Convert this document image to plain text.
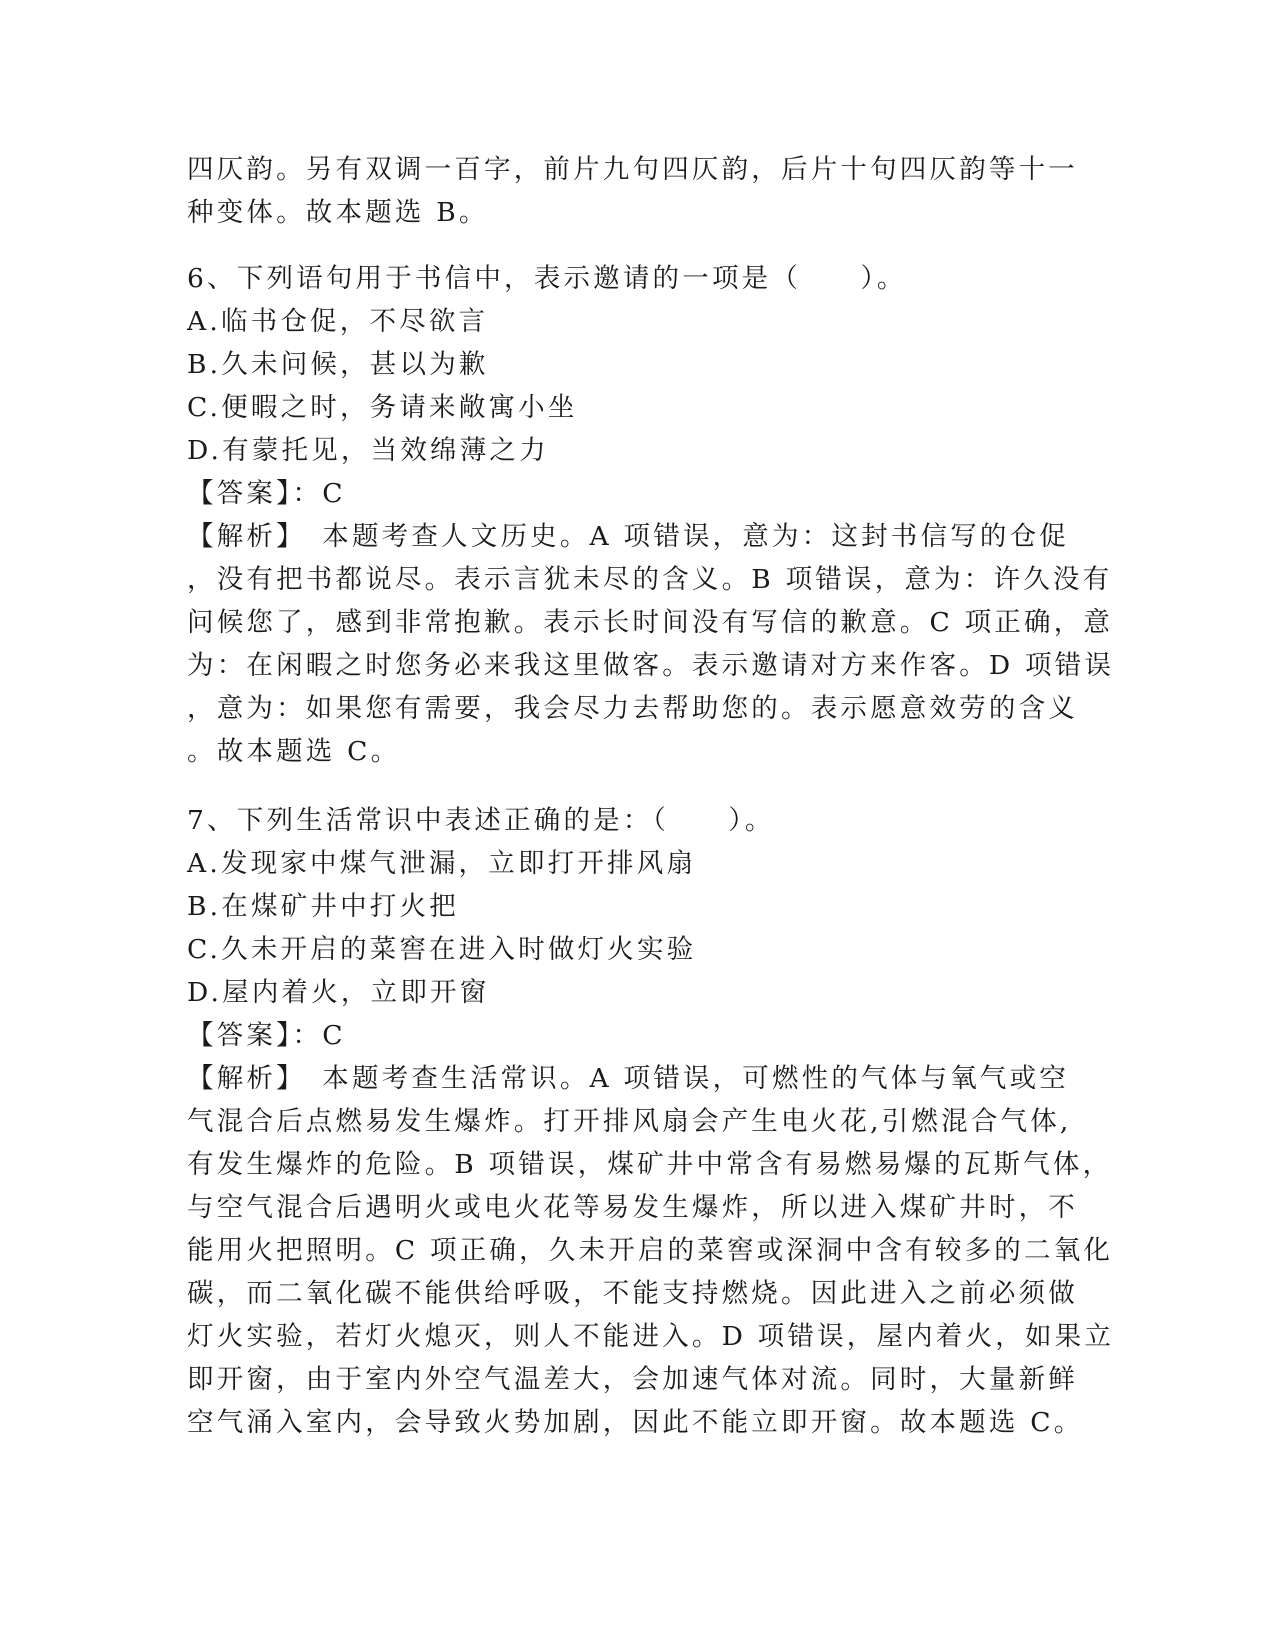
四仄韵。另有双调一百字，前片九句四仄韵，后片十句四仄韵等十一
种变体。故本题选 B。
6、下列语句用于书信中，表示邀请的一项是（　　）。
A.临书仓促，不尽欲言
B.久未问候，甚以为歉
C.便暇之时，务请来敞寓小坐
D.有蒙托见，当效绵薄之力
【答案】：C
【解析】　本题考查人文历史。A 项错误，意为：这封书信写的仓促
，没有把书都说尽。表示言犹未尽的含义。B 项错误，意为：许久没有
问候您了，感到非常抱歉。表示长时间没有写信的歉意。C 项正确，意
为：在闲暇之时您务必来我这里做客。表示邀请对方来作客。D 项错误
，意为：如果您有需要，我会尽力去帮助您的。表示愿意效劳的含义
。故本题选 C。
7、下列生活常识中表述正确的是：（　　）。
A.发现家中煤气泄漏，立即打开排风扇
B.在煤矿井中打火把
C.久未开启的菜窖在进入时做灯火实验
D.屋内着火，立即开窗
【答案】：C
【解析】　本题考查生活常识。A 项错误，可燃性的气体与氧气或空
气混合后点燃易发生爆炸。打开排风扇会产生电火花,引燃混合气体,
有发生爆炸的危险。B 项错误，煤矿井中常含有易燃易爆的瓦斯气体，
与空气混合后遇明火或电火花等易发生爆炸，所以进入煤矿井时，不
能用火把照明。C 项正确，久未开启的菜窖或深洞中含有较多的二氧化
碳，而二氧化碳不能供给呼吸，不能支持燃烧。因此进入之前必须做
灯火实验，若灯火熄灭，则人不能进入。D 项错误，屋内着火，如果立
即开窗，由于室内外空气温差大，会加速气体对流。同时，大量新鲜
空气涌入室内，会导致火势加剧，因此不能立即开窗。故本题选 C。
